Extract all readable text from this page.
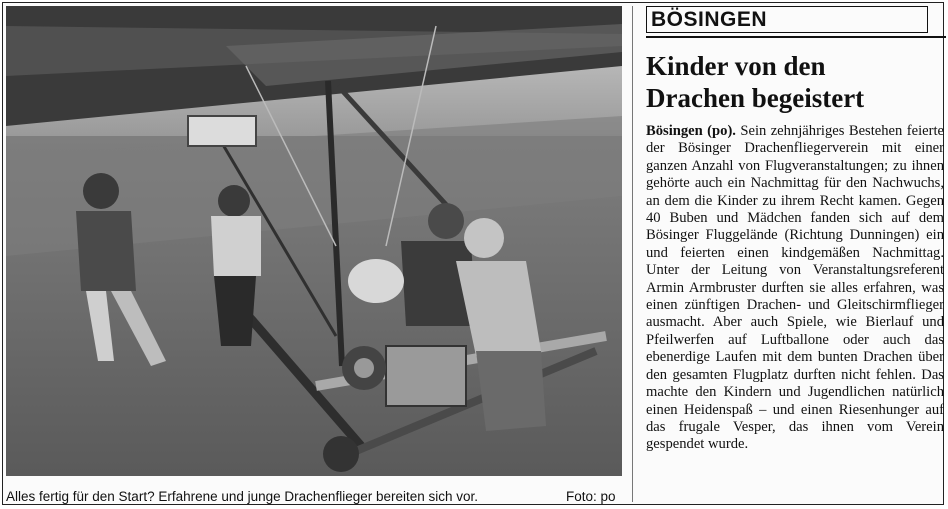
Alles fertig für den Start? Erfahrene und junge Drachenflieger bereiten sich vor.	Foto: po
BÖSINGEN
Kinder von den
Drachen begeistert

Bösingen (po). Sein zehnjähriges Bestehen feierte der Bösinger Drachenfliegerverein mit einer ganzen Anzahl von Flugveranstaltungen; zu ihnen gehörte auch ein Nachmittag für den Nachwuchs, an dem die Kinder zu ihrem Recht kamen. Gegen 40 Buben und Mädchen fanden sich auf dem Bösinger Fluggelände (Richtung Dunningen) ein und feierten einen kindgemäßen Nachmittag. Unter der Leitung von Veranstaltungsreferent Armin Armbruster durften sie alles erfahren, was einen zünftigen Drachen- und Gleitschirmflieger ausmacht. Aber auch Spiele, wie Bierlauf und Pfeilwerfen auf Luftballone oder auch das ebenerdige Laufen mit dem bunten Drachen über den gesamten Flugplatz durften nicht fehlen. Das machte den Kindern und Jugendlichen natürlich einen Heidenspaß – und einen Riesenhunger auf das frugale Vesper, das ihnen vom Verein gespendet wurde.
